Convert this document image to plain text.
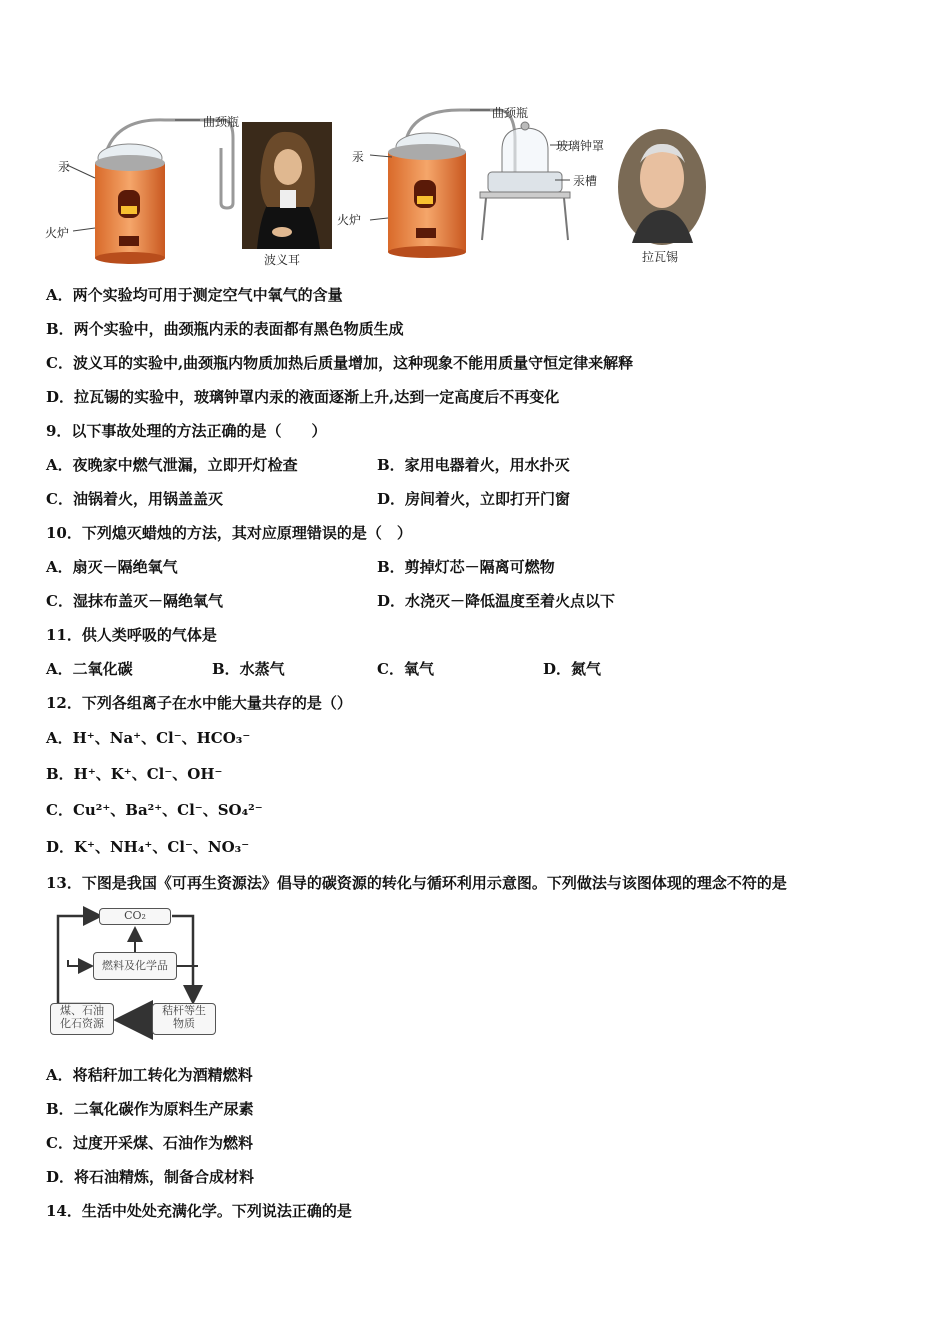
曲颈瓶
汞
火炉
波义耳
曲颈瓶
汞
玻璃钟罩
汞槽
火炉
拉瓦锡
A．两个实验均可用于测定空气中氧气的含量
B．两个实验中，曲颈瓶内汞的表面都有黑色物质生成
C．波义耳的实验中,曲颈瓶内物质加热后质量增加，这种现象不能用质量守恒定律来解释
D．拉瓦锡的实验中，玻璃钟罩内汞的液面逐渐上升,达到一定高度后不再变化
9．以下事故处理的方法正确的是（　　）
A．夜晚家中燃气泄漏，立即开灯检查	B．家用电器着火，用水扑灭
C．油锅着火，用锅盖盖灭	D．房间着火，立即打开门窗
10．下列熄灭蜡烛的方法，其对应原理错误的是（　）
A．扇灭－隔绝氧气	B．剪掉灯芯－隔离可燃物
C．湿抹布盖灭－隔绝氧气	D．水浇灭－降低温度至着火点以下
11．供人类呼吸的气体是
A．二氧化碳	B．水蒸气	C．氧气	D．氮气
12．下列各组离子在水中能大量共存的是（）
A．H⁺、Na⁺、Cl⁻、HCO₃⁻
B．H⁺、K⁺、Cl⁻、OH⁻
C．Cu²⁺、Ba²⁺、Cl⁻、SO₄²⁻
D．K⁺、NH₄⁺、Cl⁻、NO₃⁻
13．下图是我国《可再生资源法》倡导的碳资源的转化与循环利用示意图。下列做法与该图体现的理念不符的是
CO₂
燃料及化学品
煤、石油
化石资源
秸杆等生
物质
A．将秸秆加工转化为酒精燃料
B．二氧化碳作为原料生产尿素
C．过度开采煤、石油作为燃料
D．将石油精炼，制备合成材料
14．生活中处处充满化学。下列说法正确的是
